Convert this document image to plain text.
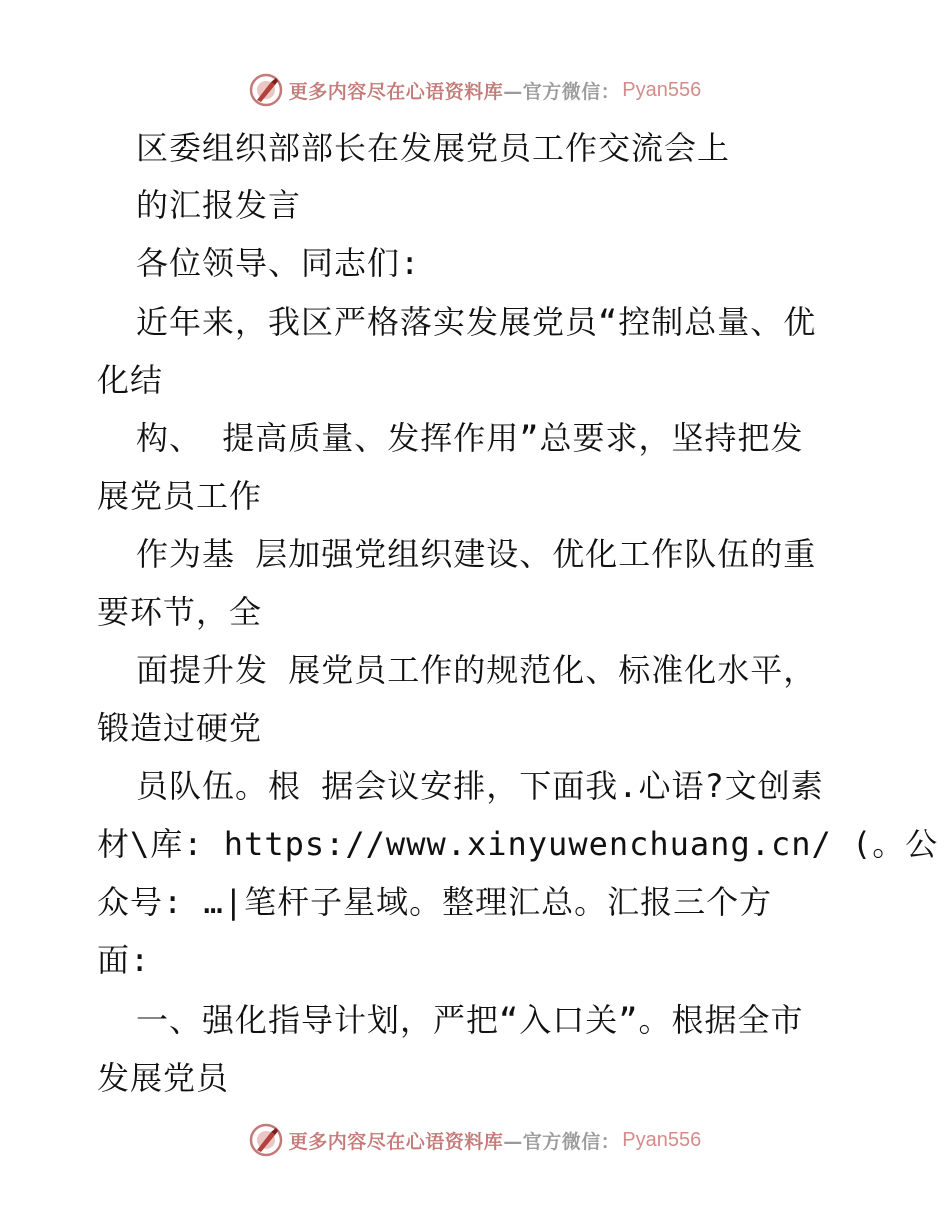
更多内容尽在心语资料库 —官方微信： Pyan556
区委组织部部长在发展党员工作交流会上
的汇报发言
各位领导、同志们:
近年来，我区严格落实发展党员“控制总量、优
化结
构、 提高质量、发挥作用”总要求，坚持把发
展党员工作
作为基 层加强党组织建设、优化工作队伍的重
要环节，全
面提升发 展党员工作的规范化、标准化水平，
锻造过硬党
员队伍。根 据会议安排，下面我.心语?文创素
材\库: https://www.xinyuwenchuang.cn/ (。公
众号: …|笔杆子星域。整理汇总。汇报三个方
面:
一、强化指导计划，严把“入口关”。根据全市
发展党员
更多内容尽在心语资料库 —官方微信： Pyan556
